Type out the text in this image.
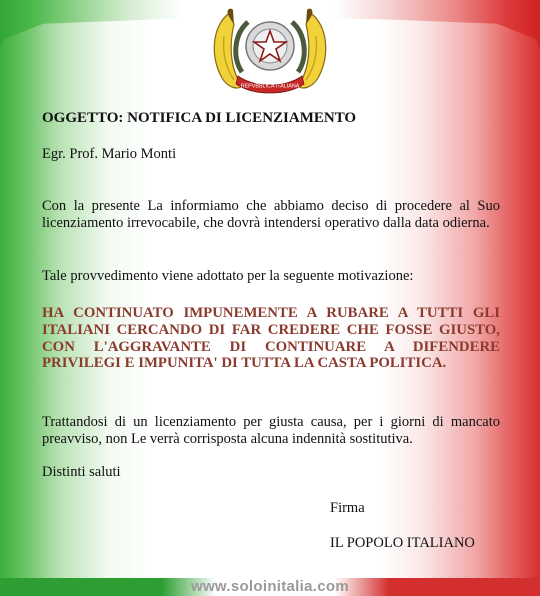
REPVBBLICA ITALIANA
OGGETTO: NOTIFICA DI LICENZIAMENTO
Egr. Prof. Mario Monti
Con la presente La informiamo che abbiamo deciso di procedere al Suo licenziamento irrevocabile, che dovrà intendersi operativo dalla data odierna.
Tale provvedimento viene adottato per la seguente motivazione:
HA CONTINUATO IMPUNEMENTE A RUBARE A TUTTI GLI ITALIANI CERCANDO DI FAR CREDERE CHE FOSSE GIUSTO, CON L'AGGRAVANTE DI CONTINUARE A DIFENDERE PRIVILEGI E IMPUNITA' DI TUTTA LA CASTA POLITICA.
Trattandosi di un licenziamento per giusta causa, per i giorni di mancato preavviso, non Le verrà corrisposta alcuna indennità sostitutiva.
Distinti saluti
Firma
IL POPOLO ITALIANO
www.soloinitalia.com
